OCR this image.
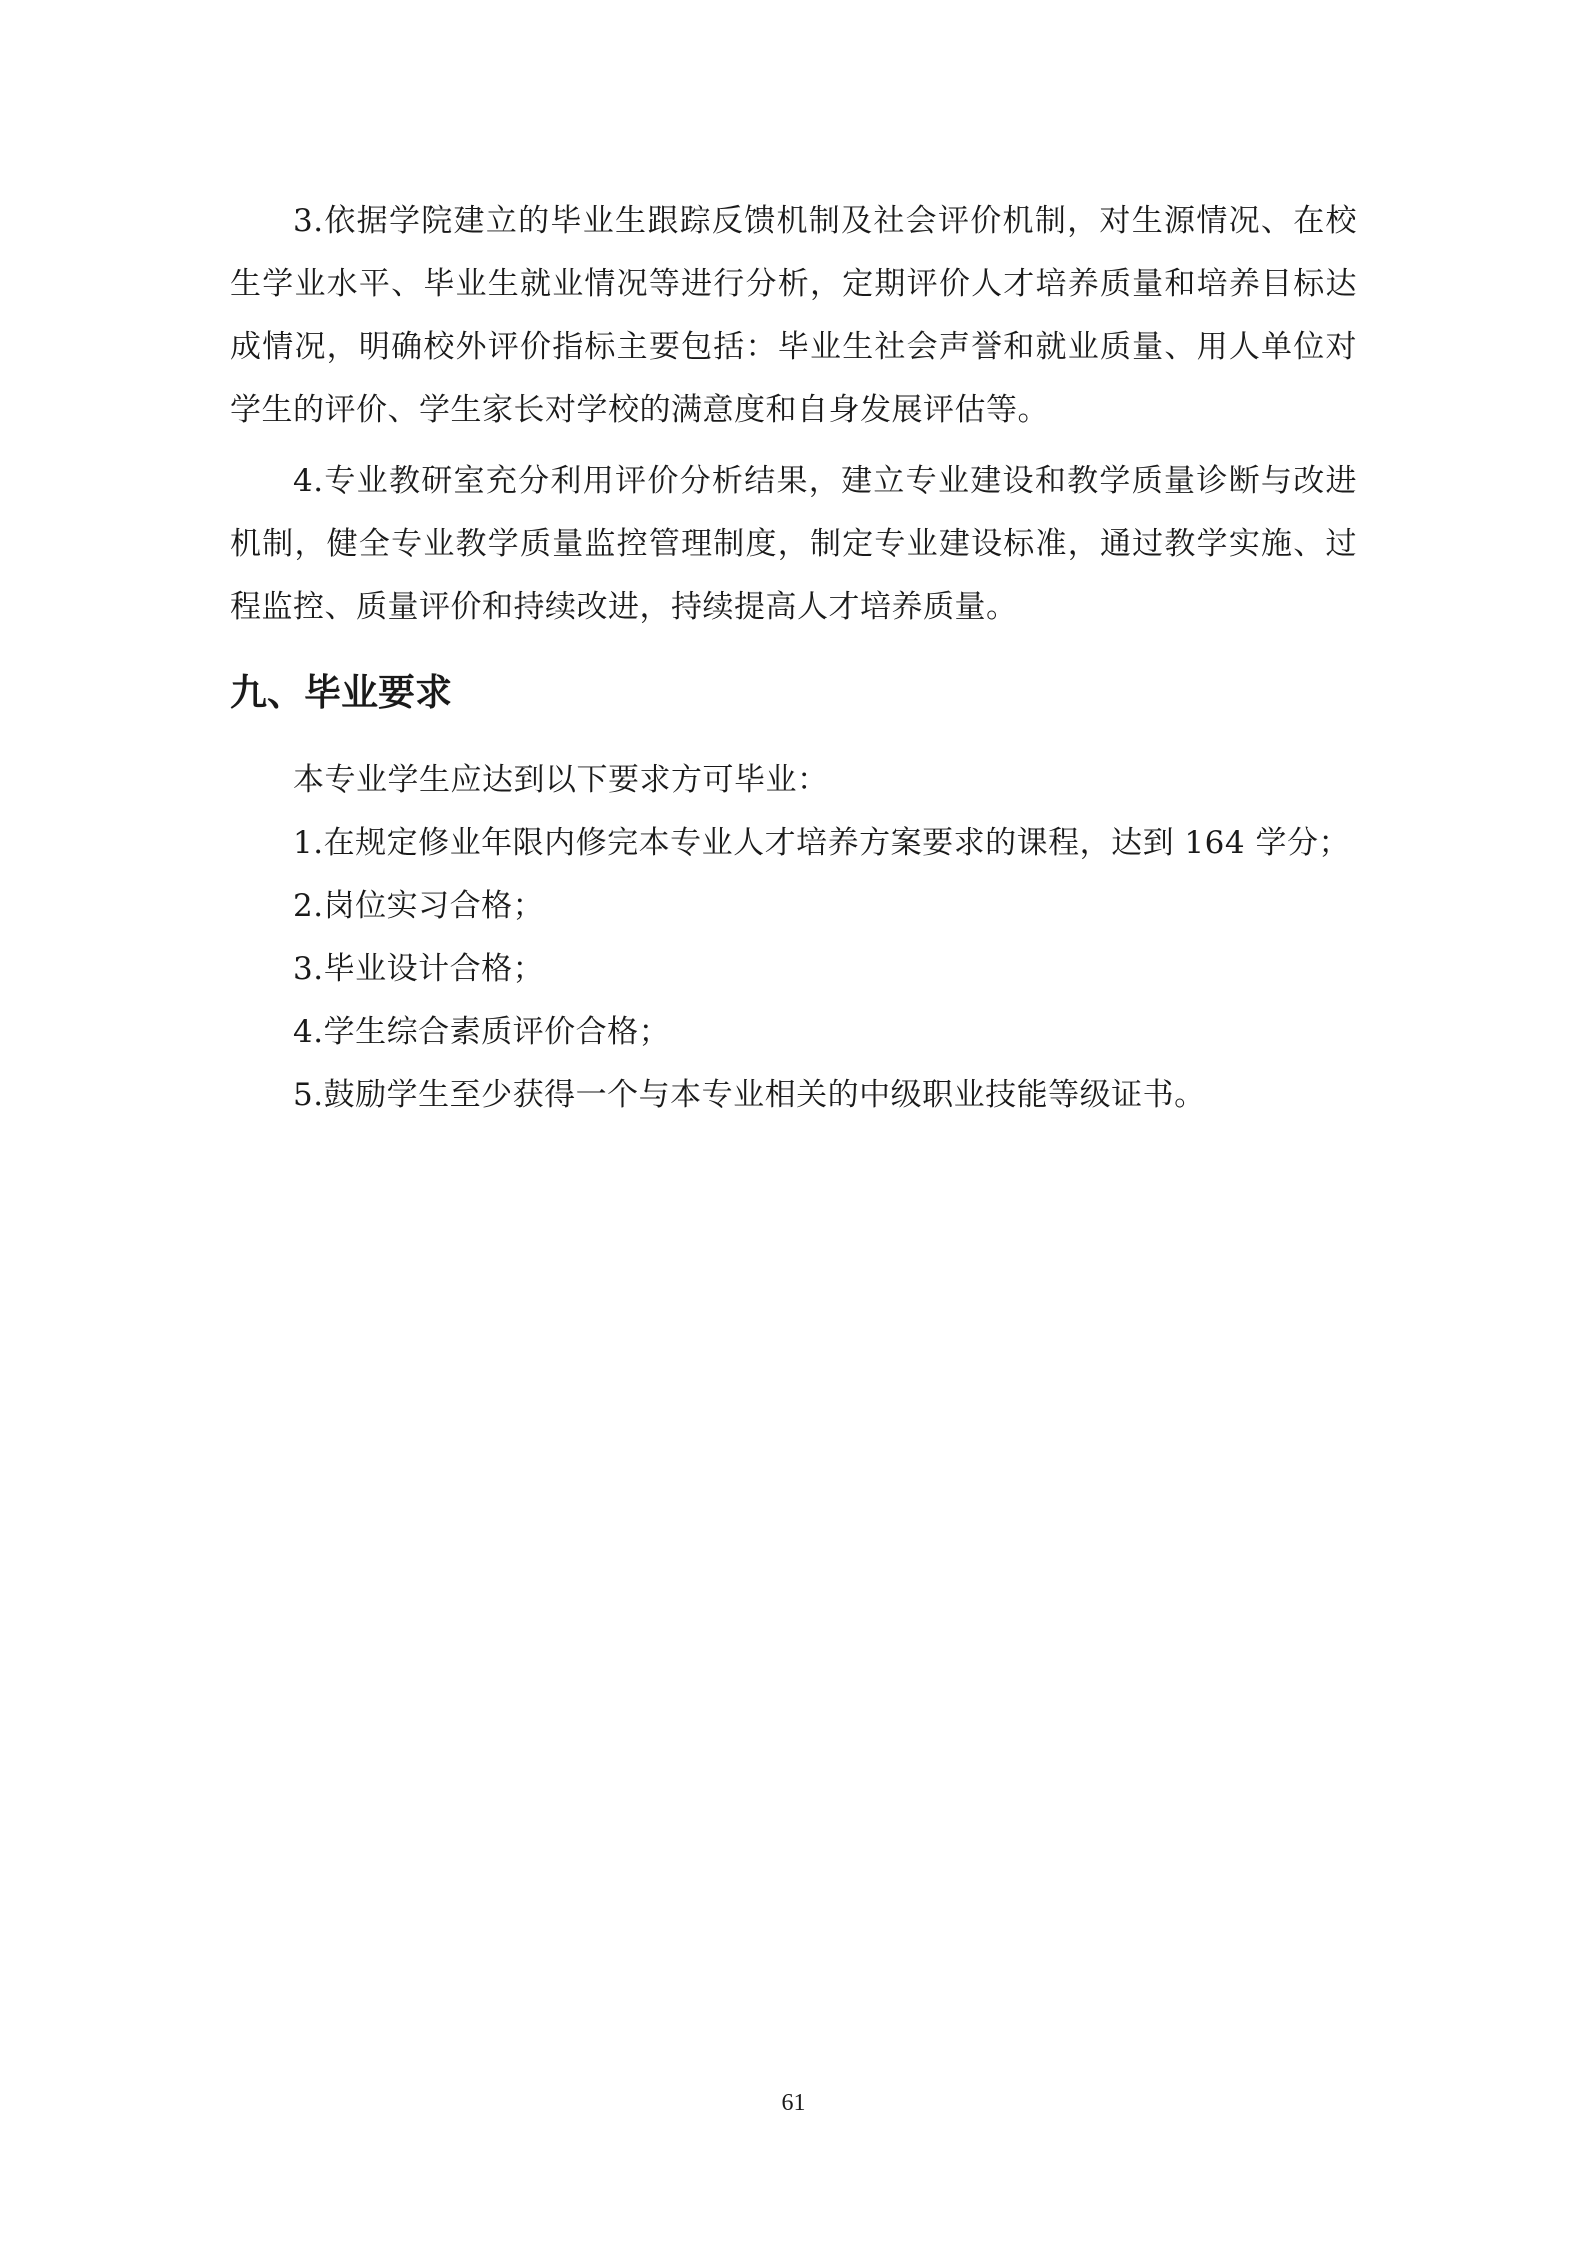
3.依据学院建立的毕业生跟踪反馈机制及社会评价机制，对生源情况、在校生学业水平、毕业生就业情况等进行分析，定期评价人才培养质量和培养目标达成情况，明确校外评价指标主要包括：毕业生社会声誉和就业质量、用人单位对学生的评价、学生家长对学校的满意度和自身发展评估等。

4.专业教研室充分利用评价分析结果，建立专业建设和教学质量诊断与改进机制，健全专业教学质量监控管理制度，制定专业建设标准，通过教学实施、过程监控、质量评价和持续改进，持续提高人才培养质量。

九、毕业要求

本专业学生应达到以下要求方可毕业：

1.在规定修业年限内修完本专业人才培养方案要求的课程，达到 164 学分；

2.岗位实习合格；

3.毕业设计合格；

4.学生综合素质评价合格；

5.鼓励学生至少获得一个与本专业相关的中级职业技能等级证书。

61
